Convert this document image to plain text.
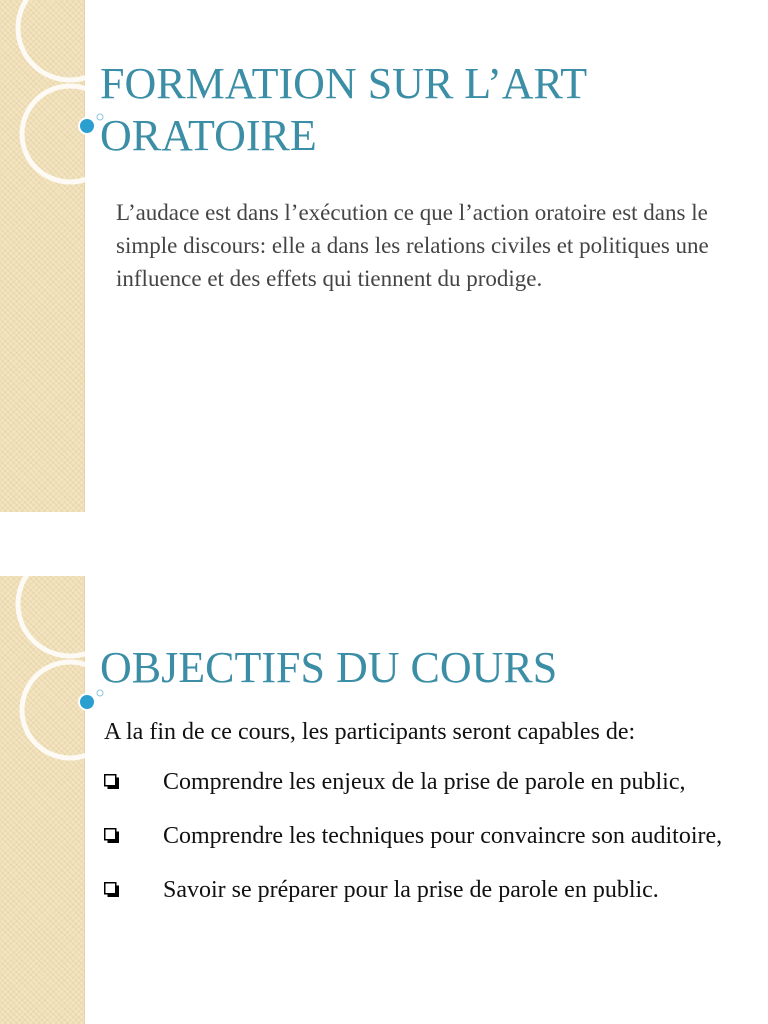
FORMATION SUR L’ART ORATOIRE

L’audace est dans l’exécution ce que l’action oratoire est dans le simple discours: elle a dans les relations civiles et politiques une influence et des effets qui tiennent du prodige.

OBJECTIFS DU COURS

A la fin de ce cours, les participants seront capables de:

Comprendre les enjeux de la prise de parole en public,
Comprendre les techniques pour convaincre son auditoire,
Savoir se préparer pour la prise de parole en public.
